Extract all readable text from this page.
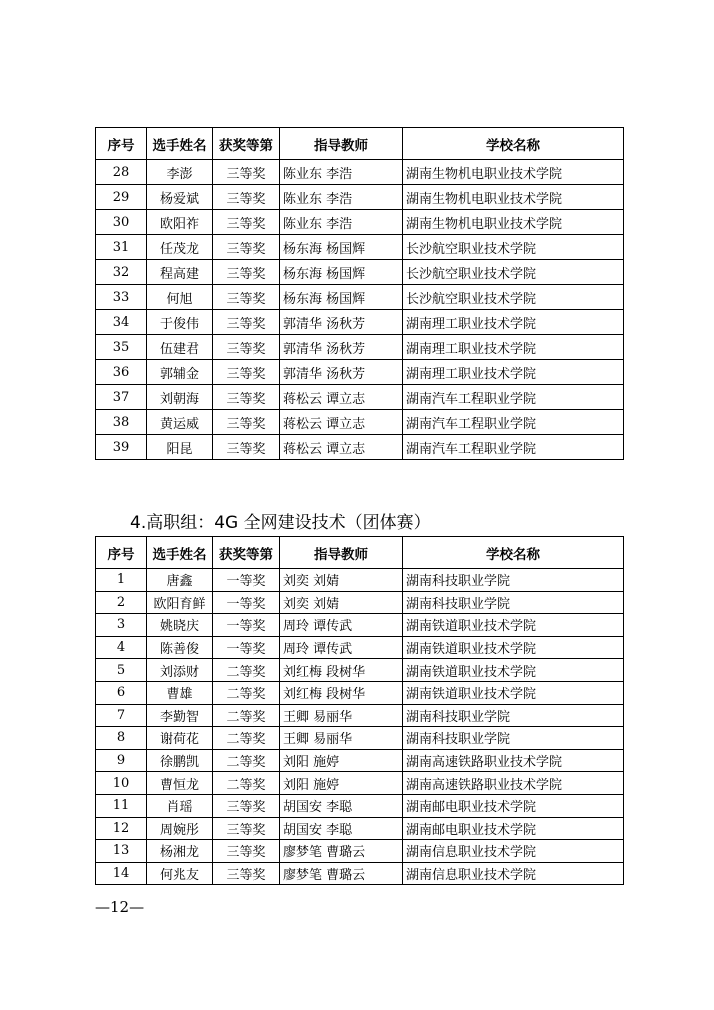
序号	选手姓名	获奖等第	指导教师	学校名称
28	李澎	三等奖	陈业东 李浩	湖南生物机电职业技术学院
29	杨爱斌	三等奖	陈业东 李浩	湖南生物机电职业技术学院
30	欧阳祚	三等奖	陈业东 李浩	湖南生物机电职业技术学院
31	任茂龙	三等奖	杨东海 杨国辉	长沙航空职业技术学院
32	程高建	三等奖	杨东海 杨国辉	长沙航空职业技术学院
33	何旭	三等奖	杨东海 杨国辉	长沙航空职业技术学院
34	于俊伟	三等奖	郭清华 汤秋芳	湖南理工职业技术学院
35	伍建君	三等奖	郭清华 汤秋芳	湖南理工职业技术学院
36	郭辅金	三等奖	郭清华 汤秋芳	湖南理工职业技术学院
37	刘朝海	三等奖	蒋松云 谭立志	湖南汽车工程职业学院
38	黄运威	三等奖	蒋松云 谭立志	湖南汽车工程职业学院
39	阳昆	三等奖	蒋松云 谭立志	湖南汽车工程职业学院
4.高职组：4G 全网建设技术（团体赛）
序号	选手姓名	获奖等第	指导教师	学校名称
1	唐鑫	一等奖	刘奕 刘婧	湖南科技职业学院
2	欧阳育鲜	一等奖	刘奕 刘婧	湖南科技职业学院
3	姚晓庆	一等奖	周玲 谭传武	湖南铁道职业技术学院
4	陈善俊	一等奖	周玲 谭传武	湖南铁道职业技术学院
5	刘添财	二等奖	刘红梅 段树华	湖南铁道职业技术学院
6	曹雄	二等奖	刘红梅 段树华	湖南铁道职业技术学院
7	李勤智	二等奖	王卿 易丽华	湖南科技职业学院
8	谢荷花	二等奖	王卿 易丽华	湖南科技职业学院
9	徐鹏凯	二等奖	刘阳 施婷	湖南高速铁路职业技术学院
10	曹恒龙	二等奖	刘阳 施婷	湖南高速铁路职业技术学院
11	肖瑶	三等奖	胡国安 李聪	湖南邮电职业技术学院
12	周婉彤	三等奖	胡国安 李聪	湖南邮电职业技术学院
13	杨湘龙	三等奖	廖梦笔 曹璐云	湖南信息职业技术学院
14	何兆友	三等奖	廖梦笔 曹璐云	湖南信息职业技术学院
—12—
